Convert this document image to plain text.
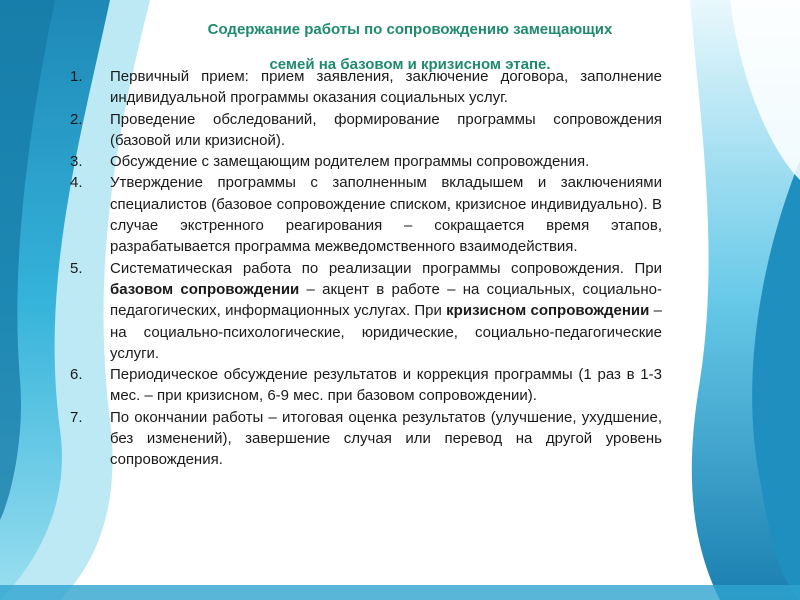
Содержание работы по сопровождению замещающих
семей на базовом и кризисном этапе.
1.	Первичный прием: прием заявления, заключение договора, заполнение индивидуальной программы оказания социальных услуг.
2.	Проведение обследований, формирование программы сопровождения (базовой или кризисной).
3.	Обсуждение с замещающим родителем программы сопровождения.
4.	Утверждение программы с заполненным вкладышем и заключениями специалистов (базовое сопровождение списком, кризисное индивидуально). В случае экстренного реагирования – сокращается время этапов, разрабатывается программа межведомственного взаимодействия.
5.	Систематическая работа по реализации программы сопровождения. При базовом сопровождении – акцент в работе – на социальных, социально-педагогических, информационных услугах. При кризисном сопровождении – на социально-психологические, юридические, социально-педагогические услуги.
6.	Периодическое обсуждение результатов и коррекция программы (1 раз в 1-3 мес. – при кризисном, 6-9 мес. при базовом сопровождении).
7.	По окончании работы – итоговая оценка результатов (улучшение, ухудшение, без изменений), завершение случая или перевод на другой уровень сопровождения.
